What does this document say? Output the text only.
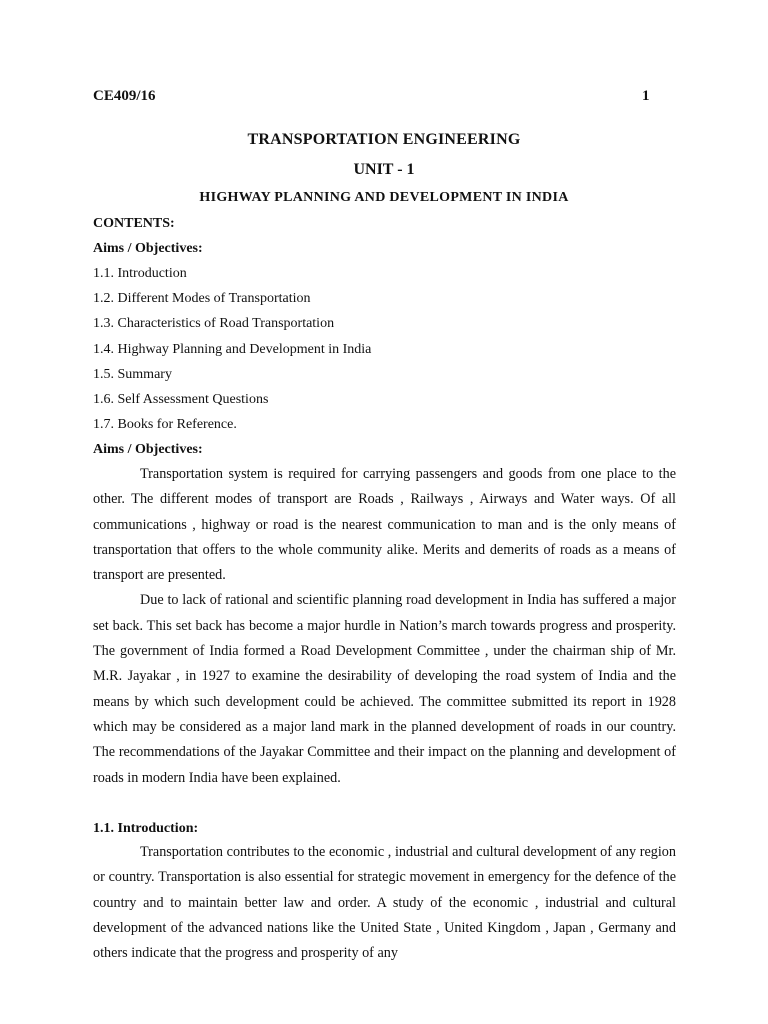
CE409/16	1
TRANSPORTATION ENGINEERING
UNIT - 1
HIGHWAY PLANNING AND DEVELOPMENT IN INDIA
CONTENTS:
Aims / Objectives:
1.1. Introduction
1.2. Different Modes of Transportation
1.3. Characteristics of Road Transportation
1.4. Highway Planning and Development in India
1.5. Summary
1.6. Self Assessment Questions
1.7. Books for Reference.
Aims / Objectives:

Transportation system is required for carrying passengers and goods from one place to the other. The different modes of transport are Roads , Railways , Airways and Water ways. Of all communications , highway or road is the nearest communication to man and is the only means of transportation that offers to the whole community alike. Merits and demerits of roads as a means of transport are presented.

Due to lack of rational and scientific planning road development in India has suffered a major set back. This set back has become a major hurdle in Nation’s march towards progress and prosperity. The government of India formed a Road Development Committee , under the chairman ship of Mr. M.R. Jayakar , in 1927 to examine the desirability of developing the road system of India and the means by which such development could be achieved. The committee submitted its report in 1928 which may be considered as a major land mark in the planned development of roads in our country. The recommendations of the Jayakar Committee and their impact on the planning and development of roads in modern India have been explained.

1.1. Introduction:

Transportation contributes to the economic , industrial and cultural development of any region or country. Transportation is also essential for strategic movement in emergency for the defence of the country and to maintain better law and order. A study of the economic , industrial and cultural development of the advanced nations like the United State , United Kingdom , Japan , Germany and others indicate that the progress and prosperity of any
